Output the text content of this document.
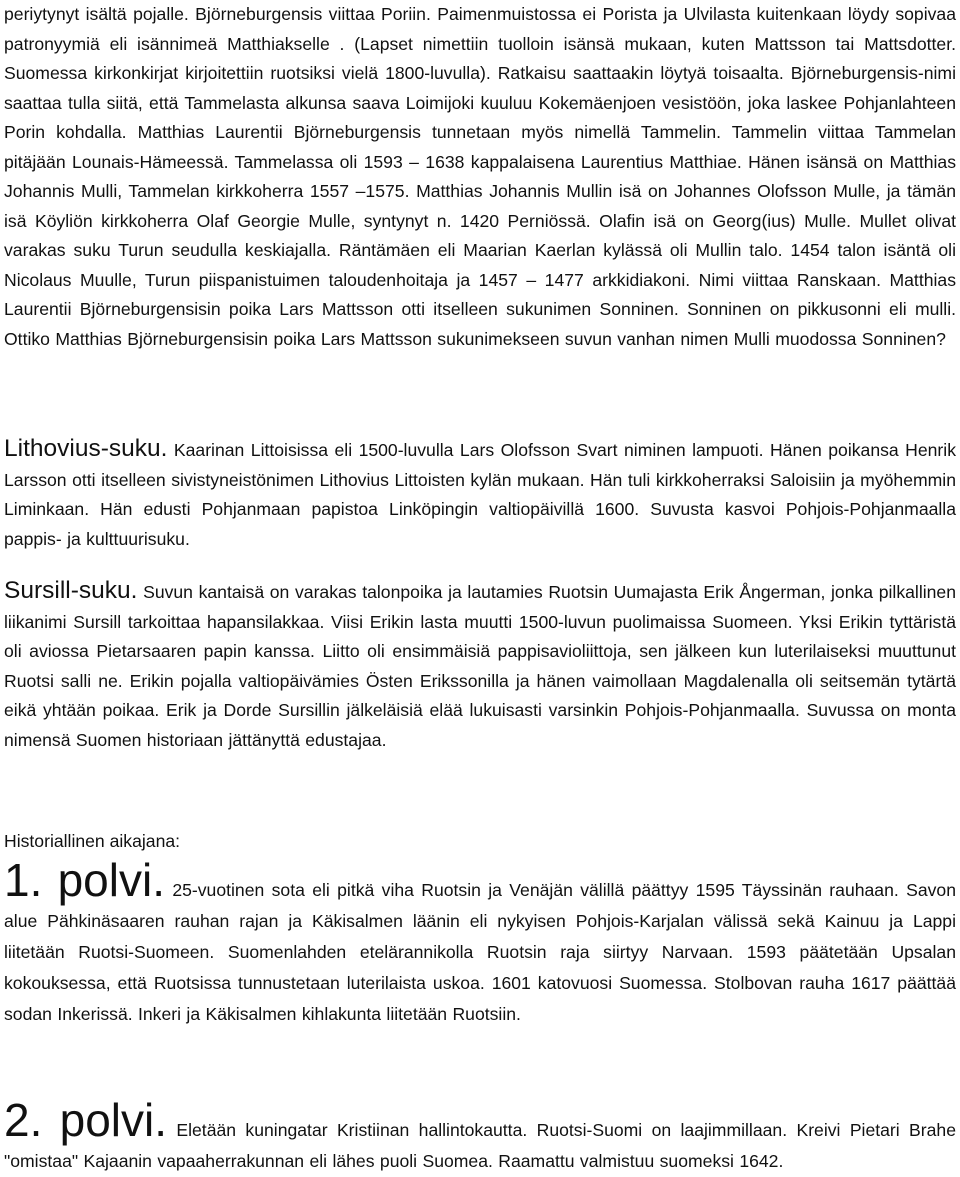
periytynyt isältä pojalle. Björneburgensis viittaa Poriin. Paimenmuistossa ei Porista ja Ulvilasta kuitenkaan löydy sopivaa patronyymiä eli isännimeä Matthiakselle . (Lapset nimettiin tuolloin isänsä mukaan, kuten Mattsson tai Mattsdotter. Suomessa kirkonkirjat kirjoitettiin ruotsiksi vielä 1800-luvulla). Ratkaisu saattaakin löytyä toisaalta. Björneburgensis-nimi saattaa tulla siitä, että Tammelasta alkunsa saava Loimijoki kuuluu Kokemäenjoen vesistöön, joka laskee Pohjanlahteen Porin kohdalla. Matthias Laurentii Björneburgensis tunnetaan myös nimellä Tammelin. Tammelin viittaa Tammelan pitäjään Lounais-Hämeessä. Tammelassa oli 1593 ‒ 1638 kappalaisena Laurentius Matthiae. Hänen isänsä on Matthias Johannis Mulli, Tammelan kirkkoherra 1557 ‒1575. Matthias Johannis Mullin isä on Johannes Olofsson Mulle, ja tämän isä Köyliön kirkkoherra Olaf Georgie Mulle, syntynyt n. 1420 Perniössä. Olafin isä on Georg(ius) Mulle. Mullet olivat varakas suku Turun seudulla keskiajalla. Räntämäen eli Maarian Kaerlan kylässä oli Mullin talo. 1454 talon isäntä oli Nicolaus Muulle, Turun piispanistuimen taloudenhoitaja ja 1457 ‒ 1477 arkkidiakoni. Nimi viittaa Ranskaan. Matthias Laurentii Björneburgensisin poika Lars Mattsson otti itselleen sukunimen Sonninen. Sonninen on pikkusonni eli mulli. Ottiko Matthias Björneburgensisin poika Lars Mattsson sukunimekseen suvun vanhan nimen Mulli muodossa Sonninen?

Lithovius-suku. Kaarinan Littoisissa eli 1500-luvulla Lars Olofsson Svart niminen lampuoti. Hänen poikansa Henrik Larsson otti itselleen sivistyneistönimen Lithovius Littoisten kylän mukaan. Hän tuli kirkkoherraksi Saloisiin ja myöhemmin Liminkaan. Hän edusti Pohjanmaan papistoa Linköpingin valtiopäivillä 1600. Suvusta kasvoi Pohjois-Pohjanmaalla pappis- ja kulttuurisuku.

Sursill-suku. Suvun kantaisä on varakas talonpoika ja lautamies Ruotsin Uumajasta Erik Ångerman, jonka pilkallinen liikanimi Sursill tarkoittaa hapansilakkaa. Viisi Erikin lasta muutti 1500-luvun puolimaissa Suomeen. Yksi Erikin tyttäristä oli aviossa Pietarsaaren papin kanssa. Liitto oli ensimmäisiä pappisavioliittoja, sen jälkeen kun luterilaiseksi muuttunut Ruotsi salli ne. Erikin pojalla valtiopäivämies Östen Erikssonilla ja hänen vaimollaan Magdalenalla oli seitsemän tytärtä eikä yhtään poikaa. Erik ja Dorde Sursillin jälkeläisiä elää lukuisasti varsinkin Pohjois-Pohjanmaalla. Suvussa on monta nimensä Suomen historiaan jättänyttä edustajaa.

Historiallinen aikajana:

1. polvi. 25-vuotinen sota eli pitkä viha Ruotsin ja Venäjän välillä päättyy 1595 Täyssinän rauhaan. Savon alue Pähkinäsaaren rauhan rajan ja Käkisalmen läänin eli nykyisen Pohjois-Karjalan välissä sekä Kainuu ja Lappi liitetään Ruotsi-Suomeen. Suomenlahden etelärannikolla Ruotsin raja siirtyy Narvaan. 1593 päätetään Upsalan kokouksessa, että Ruotsissa tunnustetaan luterilaista uskoa. 1601 katovuosi Suomessa. Stolbovan rauha 1617 päättää sodan Inkerissä. Inkeri ja Käkisalmen kihlakunta liitetään Ruotsiin.

2. polvi. Eletään kuningatar Kristiinan hallintokautta. Ruotsi-Suomi on laajimmillaan. Kreivi Pietari Brahe "omistaa" Kajaanin vapaaherrakunnan eli lähes puoli Suomea. Raamattu valmistuu suomeksi 1642.
